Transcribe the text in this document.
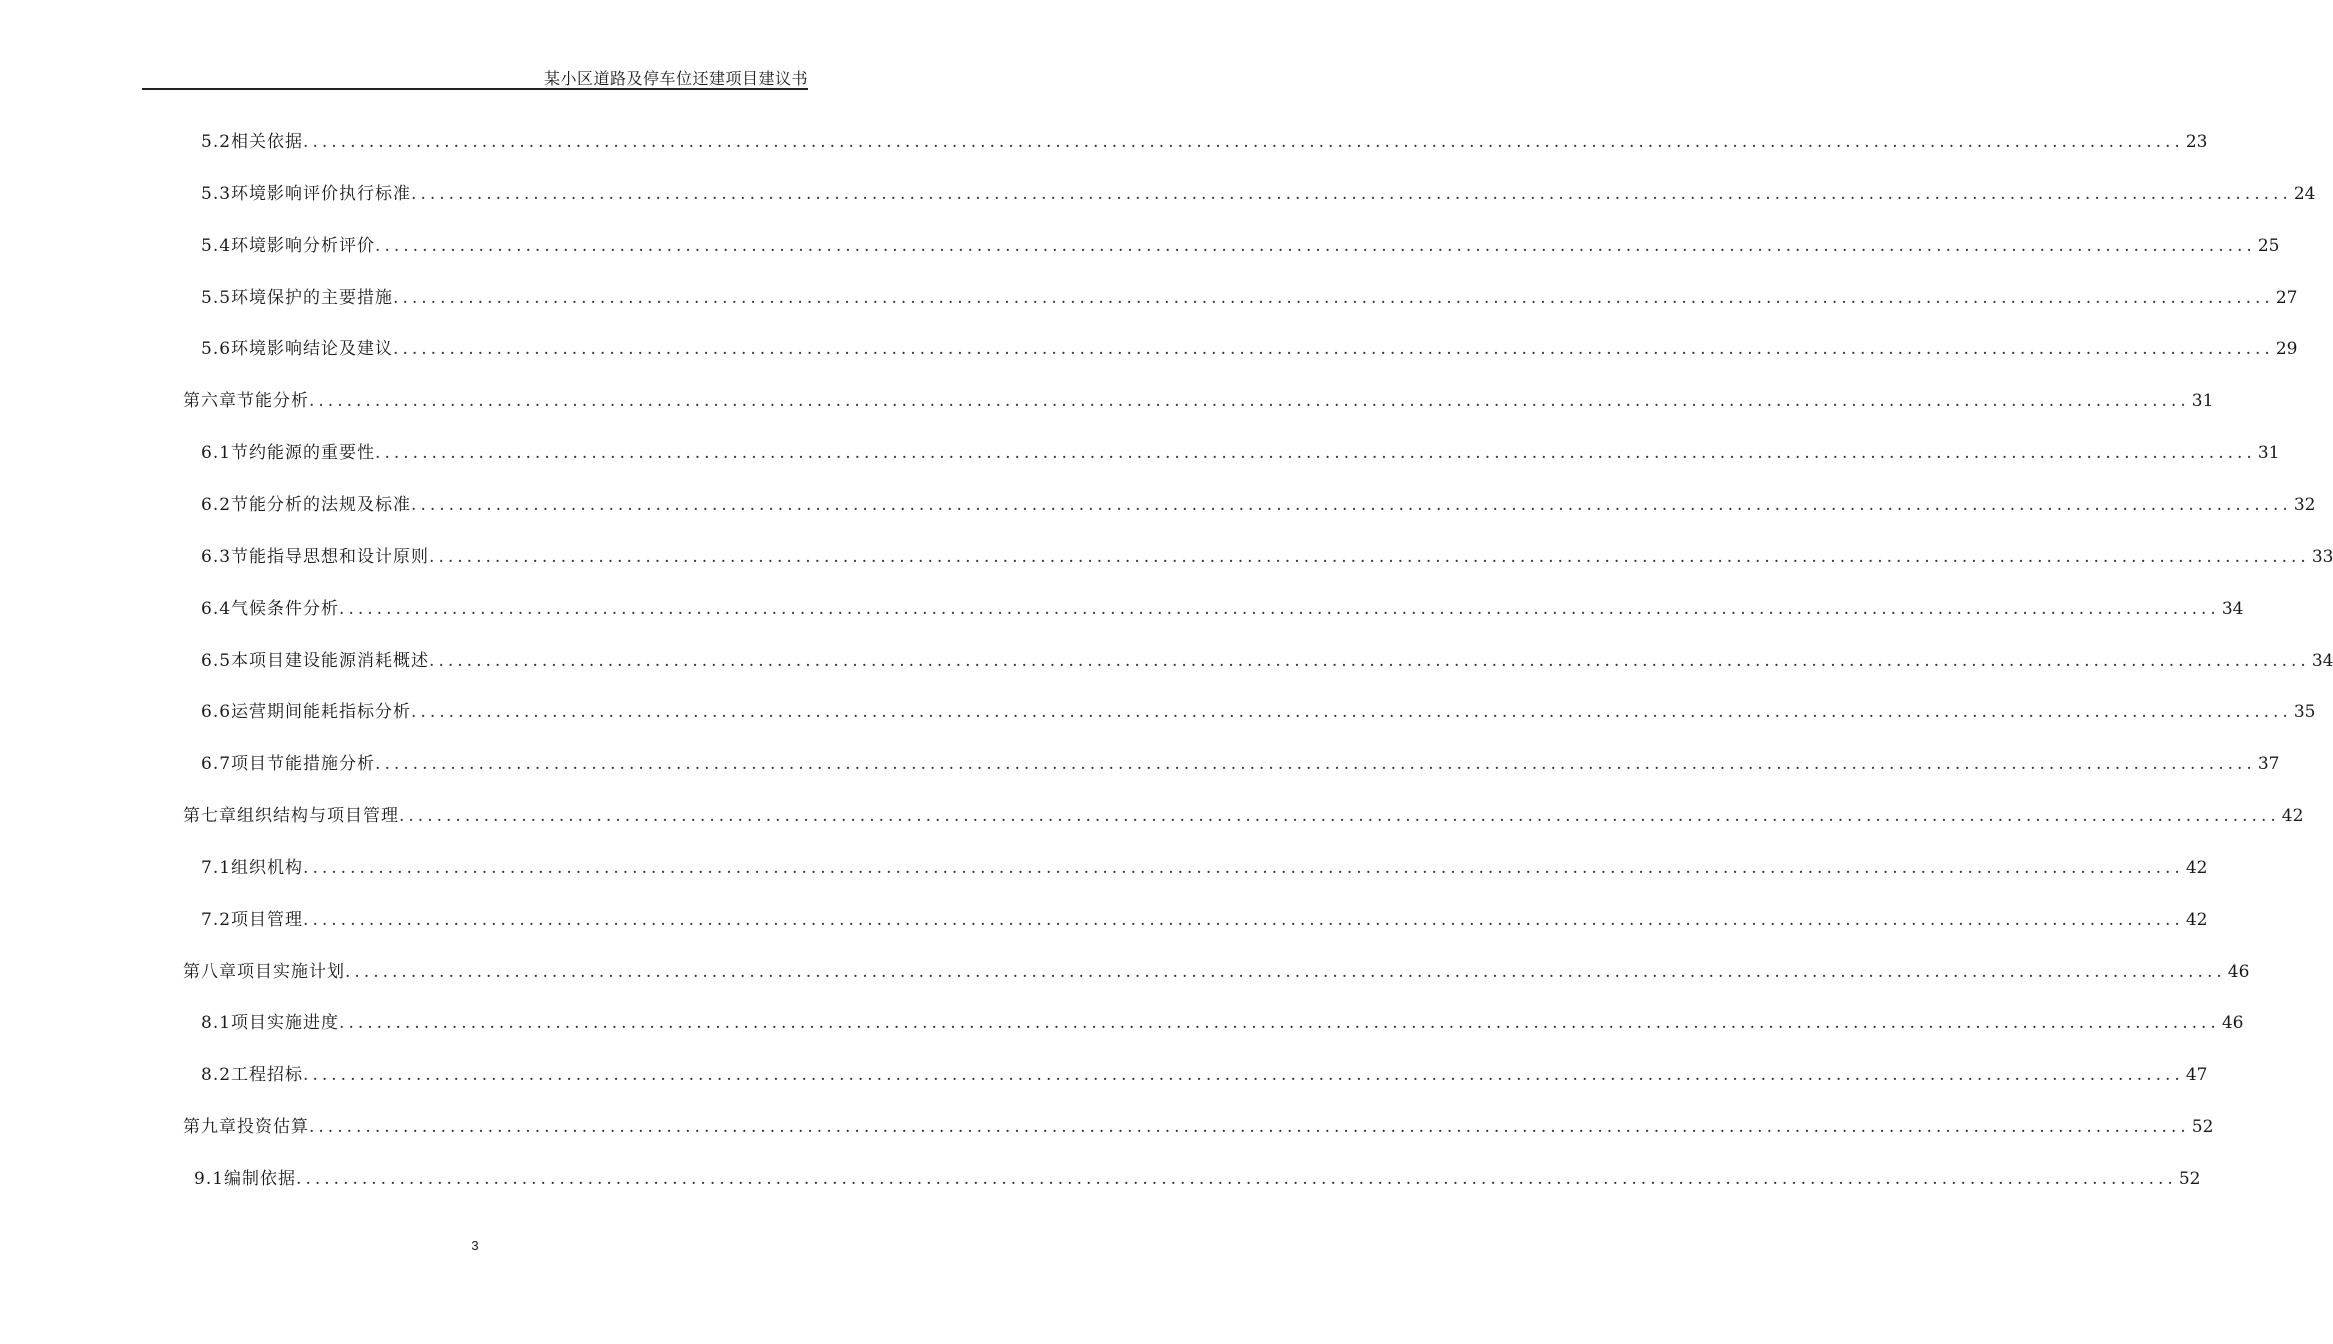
某小区道路及停车位还建项目建议书
5.2 相关依据 ........................................................................................................................................................................................................ 23
5.3 环境影响评价执行标准 ........................................................................................................................................................................................................ 24
5.4 环境影响分析评价 ........................................................................................................................................................................................................ 25
5.5 环境保护的主要措施 ........................................................................................................................................................................................................ 27
5.6 环境影响结论及建议 ........................................................................................................................................................................................................ 29
第六章 节能分析 ........................................................................................................................................................................................................ 31
6.1 节约能源的重要性 ........................................................................................................................................................................................................ 31
6.2 节能分析的法规及标准 ........................................................................................................................................................................................................ 32
6.3 节能指导思想和设计原则 ........................................................................................................................................................................................................ 33
6.4 气候条件分析 ........................................................................................................................................................................................................ 34
6.5 本项目建设能源消耗概述 ........................................................................................................................................................................................................ 34
6.6 运营期间能耗指标分析 ........................................................................................................................................................................................................ 35
6.7 项目节能措施分析 ........................................................................................................................................................................................................ 37
第七章 组织结构与项目管理 ........................................................................................................................................................................................................ 42
7.1 组织机构 ........................................................................................................................................................................................................ 42
7.2 项目管理 ........................................................................................................................................................................................................ 42
第八章 项目实施计划 ........................................................................................................................................................................................................ 46
8.1 项目实施进度 ........................................................................................................................................................................................................ 46
8.2 工程招标 ........................................................................................................................................................................................................ 47
第九章 投资估算 ........................................................................................................................................................................................................ 52
9.1 编制依据 ........................................................................................................................................................................................................ 52
3
